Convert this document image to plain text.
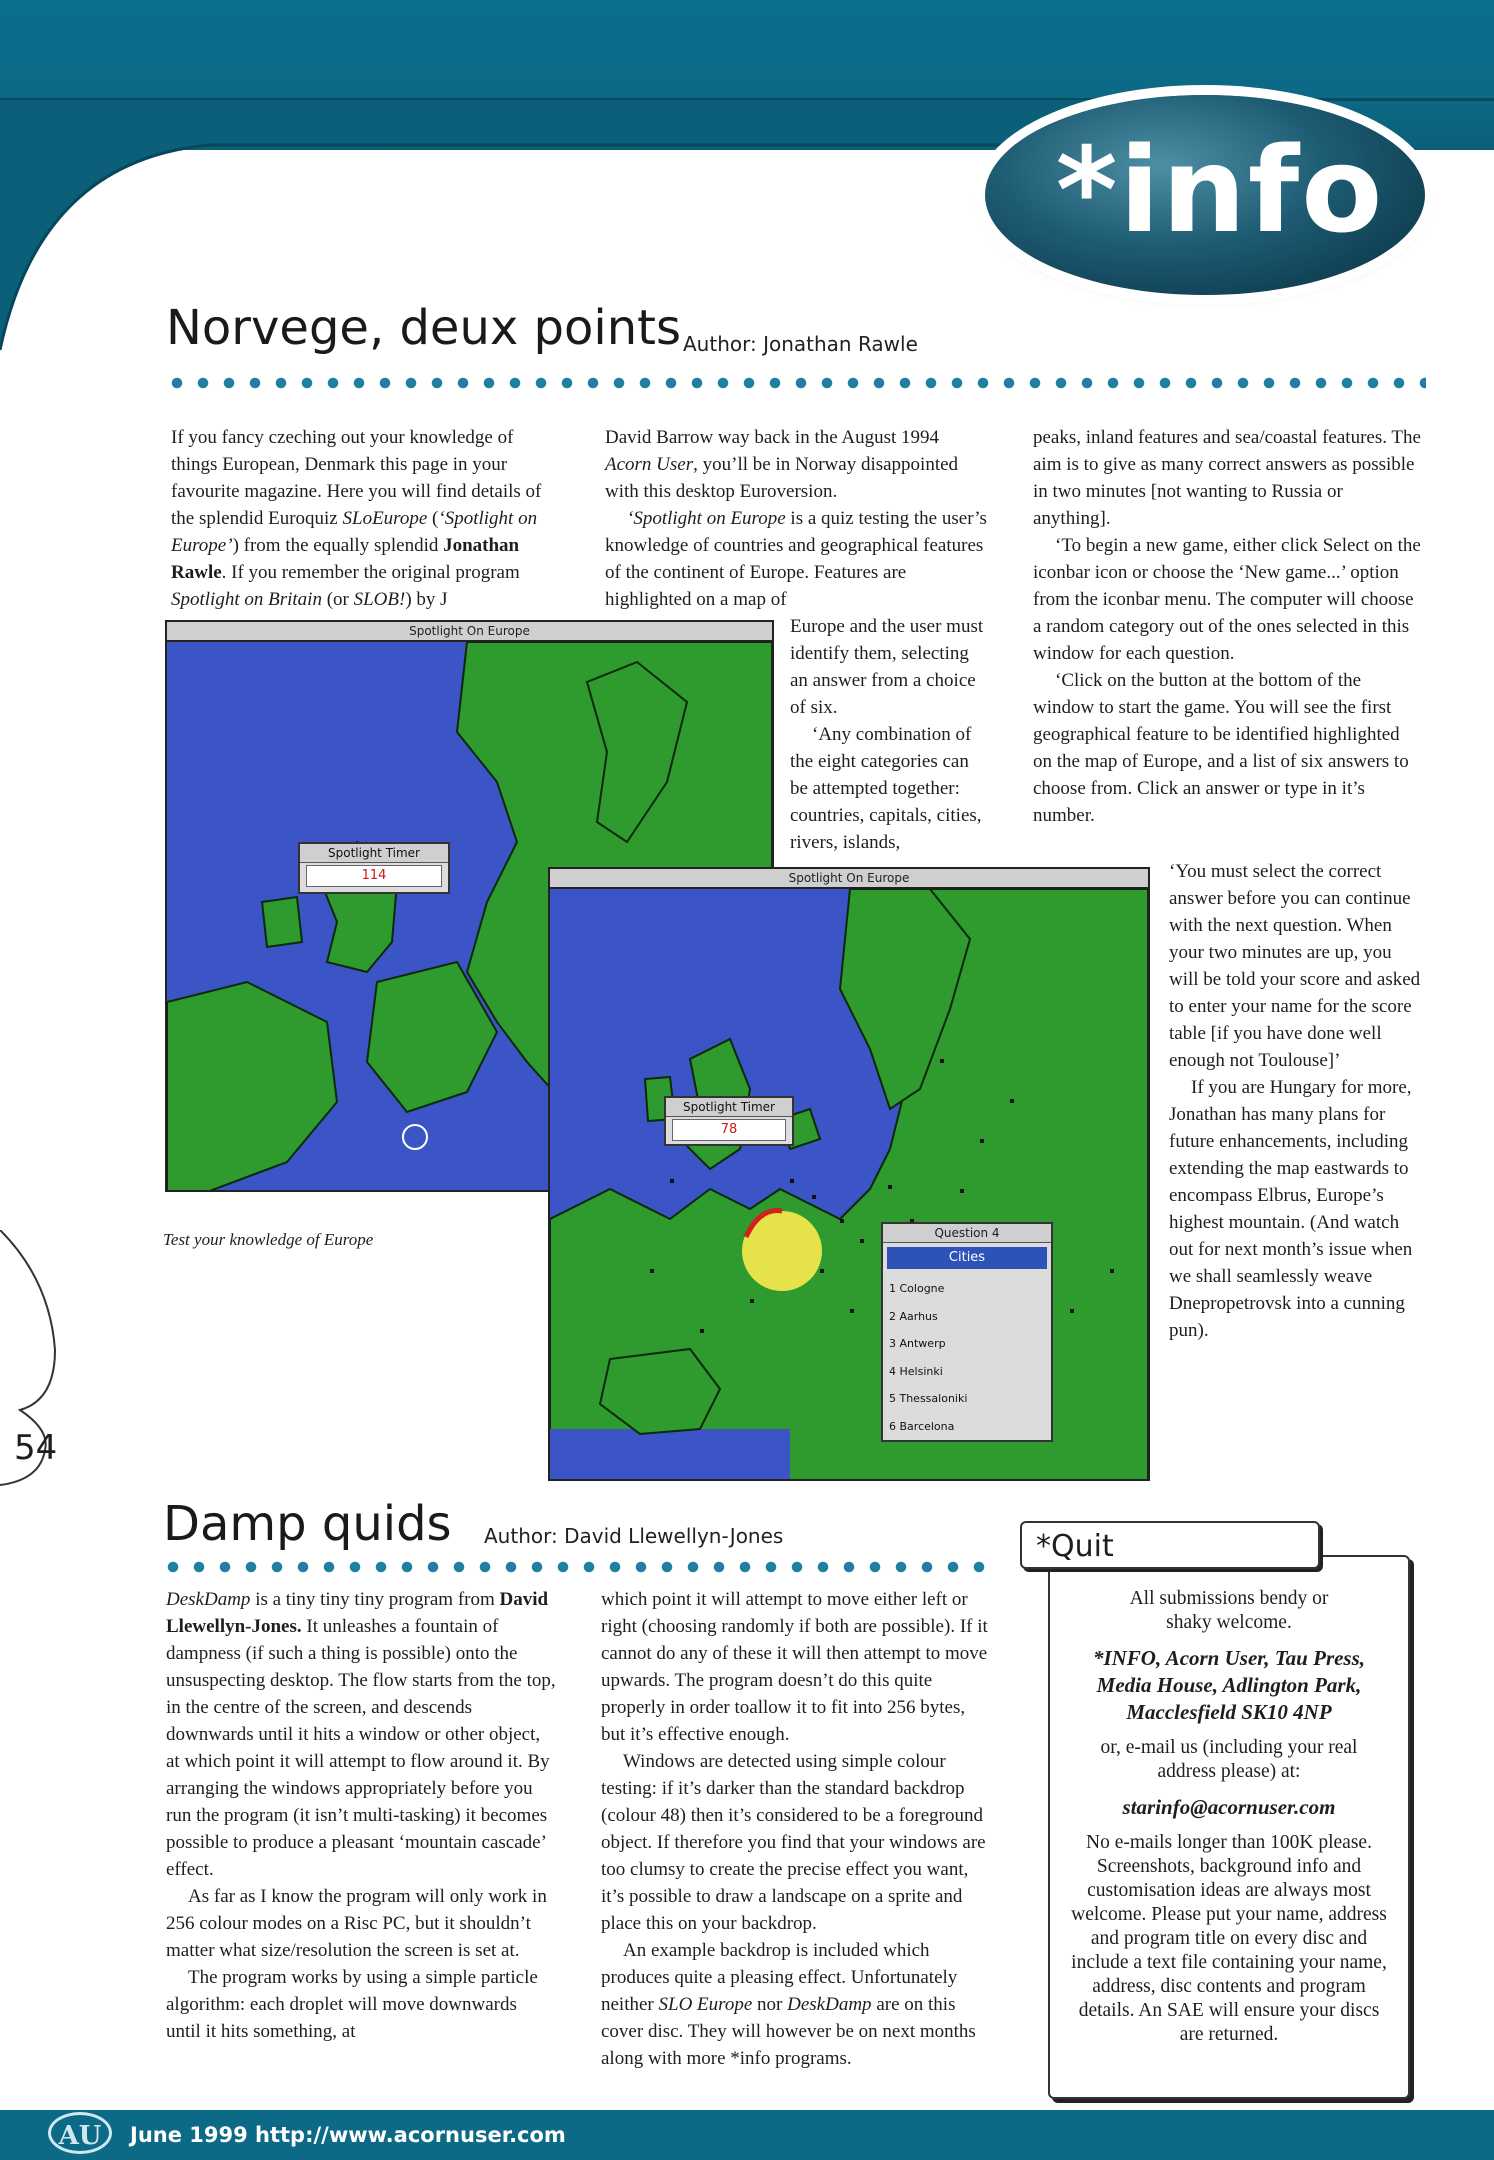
*info
Norvege, deux points Author: Jonathan Rawle

If you fancy czeching out your knowledge of things European, Denmark this page in your favourite magazine. Here you will find details of the splendid Euroquiz SLoEurope (‘Spotlight on Europe’) from the equally splendid Jonathan Rawle. If you remember the original program Spotlight on Britain (or SLOB!) by J

David Barrow way back in the August 1994 Acorn User, you’ll be in Norway disappointed with this desktop Euroversion.

‘Spotlight on Europe is a quiz testing the user’s knowledge of countries and geographical features of the continent of Europe. Features are highlighted on a map of

Europe and the user must identify them, selecting an answer from a choice of six.

‘Any combination of the eight categories can be attempted together: countries, capitals, cities, rivers, islands,

peaks, inland features and sea/coastal features. The aim is to give as many correct answers as possible in two minutes [not wanting to Russia or anything].

‘To begin a new game, either click Select on the iconbar icon or choose the ‘New game...’ option from the iconbar menu. The computer will choose a random category out of the ones selected in this window for each question.

‘Click on the button at the bottom of the window to start the game. You will see the first geographical feature to be identified highlighted on the map of Europe, and a list of six answers to choose from. Click an answer or type in it’s number.

‘You must select the correct answer before you can continue with the next question. When your two minutes are up, you will be told your score and asked to enter your name for the score table [if you have done well enough not Toulouse]’

If you are Hungary for more, Jonathan has many plans for future enhancements, including extending the map eastwards to encompass Elbrus, Europe’s highest mountain. (And watch out for next month’s issue when we shall seamlessly weave Dnepropetrovsk into a cunning pun).

Spotlight On Europe
Spotlight Timer
114	Spotlight On Europe
Spotlight Timer
78
Question 4
Cities
1 Cologne
2 Aarhus
3 Antwerp
4 Helsinki
5 Thessaloniki
6 Barcelona
Test your knowledge of Europe
54
Damp quids Author: David Llewellyn-Jones

DeskDamp is a tiny tiny tiny program from David Llewellyn-Jones. It unleashes a fountain of dampness (if such a thing is possible) onto the unsuspecting desktop. The flow starts from the top, in the centre of the screen, and descends downwards until it hits a window or other object, at which point it will attempt to flow around it. By arranging the windows appropriately before you run the program (it isn’t multi-tasking) it becomes possible to produce a pleasant ‘mountain cascade’ effect.

As far as I know the program will only work in 256 colour modes on a Risc PC, but it shouldn’t matter what size/resolution the screen is set at.

The program works by using a simple particle algorithm: each droplet will move downwards until it hits something, at

which point it will attempt to move either left or right (choosing randomly if both are possible). If it cannot do any of these it will then attempt to move upwards. The program doesn’t do this quite properly in order toallow it to fit into 256 bytes, but it’s effective enough.

Windows are detected using simple colour testing: if it’s darker than the standard backdrop (colour 48) then it’s considered to be a foreground object. If therefore you find that your windows are too clumsy to create the precise effect you want, it’s possible to draw a landscape on a sprite and place this on your backdrop.

An example backdrop is included which produces quite a pleasing effect. Unfortunately neither SLO Europe nor DeskDamp are on this cover disc. They will however be on next months along with more *info programs.

All submissions bendy or shaky welcome.

*INFO, Acorn User, Tau Press, Media House, Adlington Park, Macclesfield SK10 4NP

or, e-mail us (including your real address please) at:

starinfo@acornuser.com

No e-mails longer than 100K please. Screenshots, background info and customisation ideas are always most welcome. Please put your name, address and program title on every disc and include a text file containing your name, address, disc contents and program details. An SAE will ensure your discs are returned.

*Quit
AU	June 1999 http://www.acornuser.com
